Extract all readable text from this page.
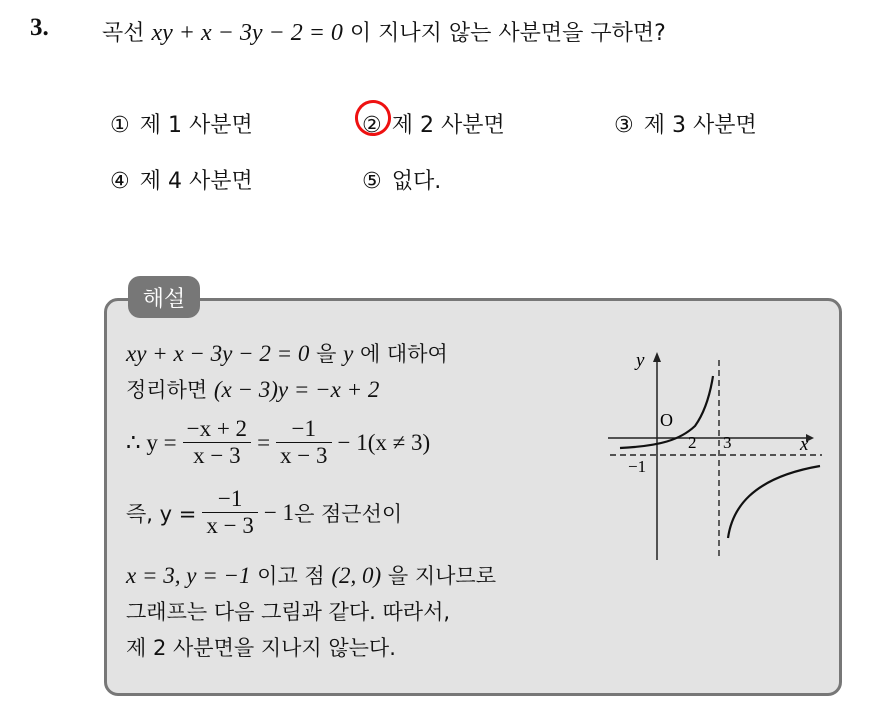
3. 곡선 xy + x − 3y − 2 = 0 이 지나지 않는 사분면을 구하면?
① 제 1 사분면	② 제 2 사분면	③ 제 3 사분면
④ 제 4 사분면	⑤ 없다.
해설
xy + x − 3y − 2 = 0 을 y 에 대하여
정리하면 (x − 3)y = −x + 2
∴ $y = \frac{-x + 2}{x - 3} = \frac{-1}{x - 3} - 1(x \ne 3)$
즉, $y = \frac{-1}{x - 3} - 1$ 은 점근선이
x = 3, y = −1 이고 점 (2, 0) 을 지나므로
그래프는 다음 그림과 같다. 따라서,
제 2 사분면을 지나지 않는다.
y
x
O
2 3
−1
